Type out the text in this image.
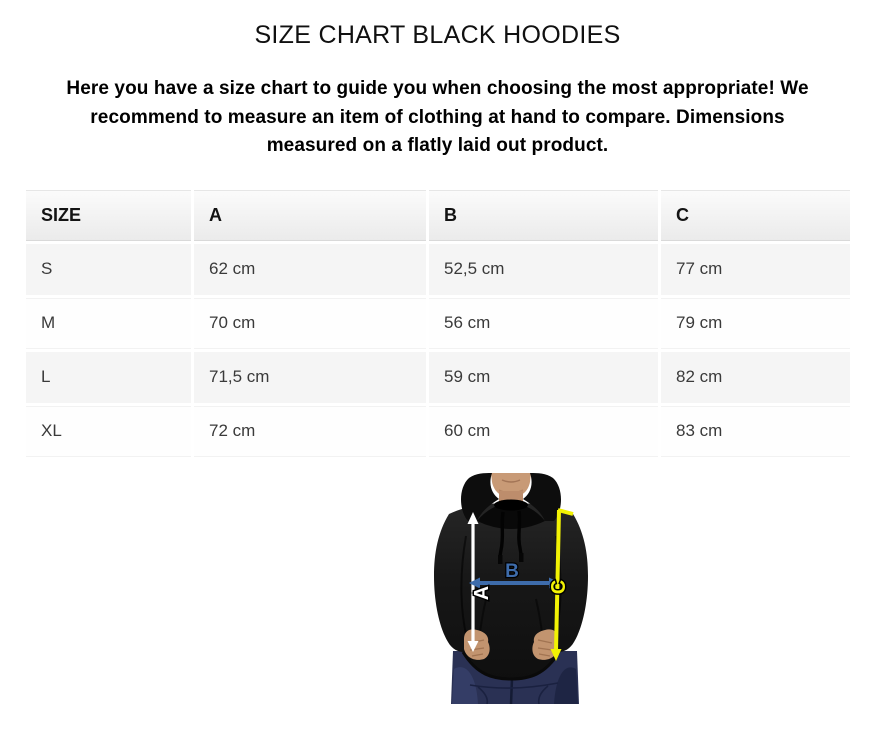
SIZE CHART BLACK HOODIES

Here you have a size chart to guide you when choosing the most appropriate! We recommend to measure an item of clothing at hand to compare. Dimensions measured on a flatly laid out product.

SIZE	A	B	C
S	62 cm	52,5 cm	77 cm
M	70 cm	56 cm	79 cm
L	71,5 cm	59 cm	82 cm
XL	72 cm	60 cm	83 cm
A
B
C
